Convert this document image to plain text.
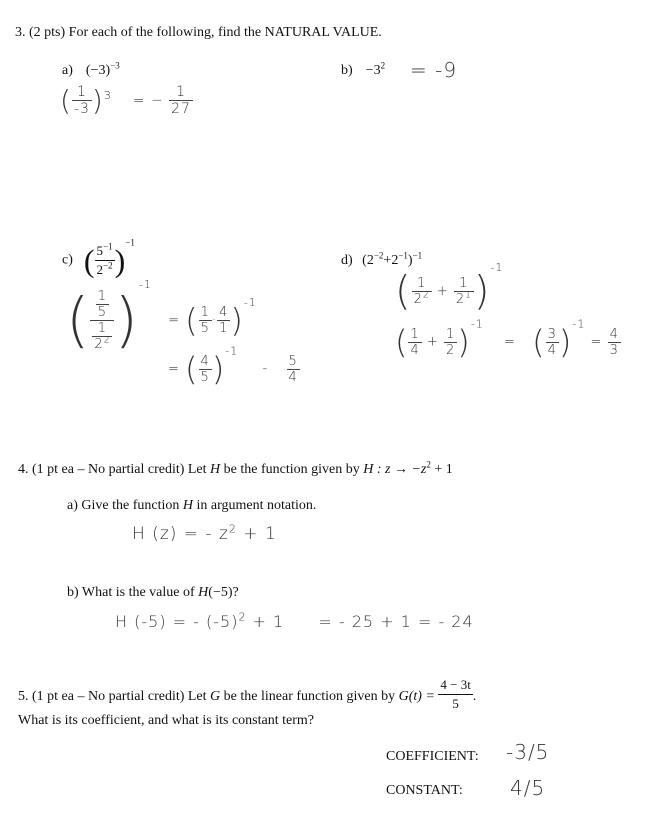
3. (2 pts) For each of the following, find the NATURAL VALUE.
a) $(-3)^{-3}$
( $\frac{1}{-3} )^3$ = − $\frac{1}{27}$
$b) -3^2 = -9$
c) ( $\frac{5^{-1}}{2^{-2}} )^{-1}$
( $\frac{\frac{1}{5}}{\frac{1}{2^2}} )^{-1}$  = ( $\frac{1}{5} \cdot \frac{4}{1} )^{-1}$
= ( $\frac{4}{5} )^{-1} - \frac{5}{4}$
d) $(2^{-2}+2^{-1})^{-1}$
( $\frac{1}{2^2} + \frac{1}{2^1} )^{-1}$
( $\frac{1}{4} + \frac{1}{2} )^{-1}$  = ( $\frac{3}{4} )^{-1} = \frac{4}{3}$
4. (1 pt ea – No partial credit) Let H be the function given by H : $z \to -z^2 + 1$
a) Give the function H in argument notation.
H (z) = - $z^2 + 1$
b) What is the value of H(−5)?
H (-5) = - $(-5)^2 + 1$ = - 25 + 1 = - 24
5. (1 pt ea – No partial credit) Let G be the linear function given by $G(t) = \frac{4 - 3t}{5}$ .
What is its coefficient, and what is its constant term?
COEFFICIENT: -3/5
CONSTANT: 4/5
